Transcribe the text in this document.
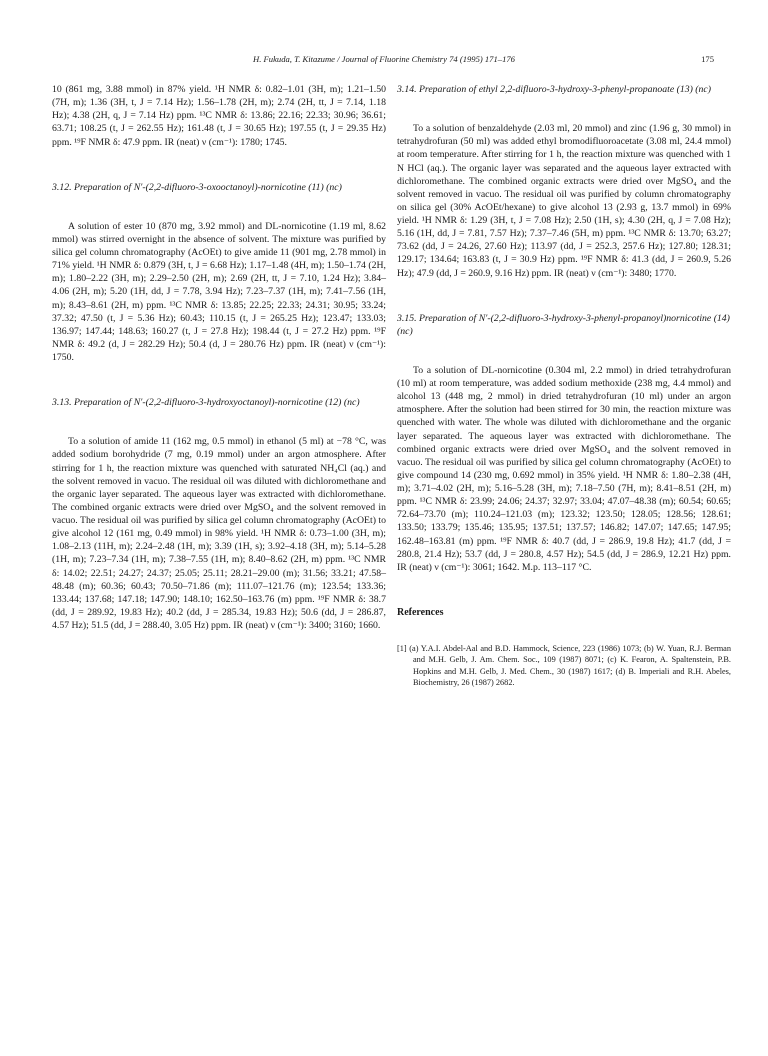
H. Fukuda, T. Kitazume / Journal of Fluorine Chemistry 74 (1995) 171–176	175

10 (861 mg, 3.88 mmol) in 87% yield. ¹H NMR δ: 0.82–1.01 (3H, m); 1.21–1.50 (7H, m); 1.36 (3H, t, J = 7.14 Hz); 1.56–1.78 (2H, m); 2.74 (2H, tt, J = 7.14, 1.18 Hz); 4.38 (2H, q, J = 7.14 Hz) ppm. ¹³C NMR δ: 13.86; 22.16; 22.33; 30.96; 36.61; 63.71; 108.25 (t, J = 262.55 Hz); 161.48 (t, J = 30.65 Hz); 197.55 (t, J = 29.35 Hz) ppm. ¹⁹F NMR δ: 47.9 ppm. IR (neat) ν (cm⁻¹): 1780; 1745.

3.12. Preparation of N′-(2,2-difluoro-3-oxooctanoyl)-nornicotine (11) (nc)

A solution of ester 10 (870 mg, 3.92 mmol) and DL-nornicotine (1.19 ml, 8.62 mmol) was stirred overnight in the absence of solvent. The mixture was purified by silica gel column chromatography (AcOEt) to give amide 11 (901 mg, 2.78 mmol) in 71% yield. ¹H NMR δ: 0.879 (3H, t, J = 6.68 Hz); 1.17–1.48 (4H, m); 1.50–1.74 (2H, m); 1.80–2.22 (3H, m); 2.29–2.50 (2H, m); 2.69 (2H, tt, J = 7.10, 1.24 Hz); 3.84–4.06 (2H, m); 5.20 (1H, dd, J = 7.78, 3.94 Hz); 7.23–7.37 (1H, m); 7.41–7.56 (1H, m); 8.43–8.61 (2H, m) ppm. ¹³C NMR δ: 13.85; 22.25; 22.33; 24.31; 30.95; 33.24; 37.32; 47.50 (t, J = 5.36 Hz); 60.43; 110.15 (t, J = 265.25 Hz); 123.47; 133.03; 136.97; 147.44; 148.63; 160.27 (t, J = 27.8 Hz); 198.44 (t, J = 27.2 Hz) ppm. ¹⁹F NMR δ: 49.2 (d, J = 282.29 Hz); 50.4 (d, J = 280.76 Hz) ppm. IR (neat) ν (cm⁻¹): 1750.

3.13. Preparation of N′-(2,2-difluoro-3-hydroxyoctanoyl)-nornicotine (12) (nc)

To a solution of amide 11 (162 mg, 0.5 mmol) in ethanol (5 ml) at −78 °C, was added sodium borohydride (7 mg, 0.19 mmol) under an argon atmosphere. After stirring for 1 h, the reaction mixture was quenched with saturated NH₄Cl (aq.) and the solvent removed in vacuo. The residual oil was diluted with dichloromethane and the organic layer separated. The aqueous layer was extracted with dichloromethane. The combined organic extracts were dried over MgSO₄ and the solvent removed in vacuo. The residual oil was purified by silica gel column chromatography (AcOEt) to give alcohol 12 (161 mg, 0.49 mmol) in 98% yield. ¹H NMR δ: 0.73–1.00 (3H, m); 1.08–2.13 (11H, m); 2.24–2.48 (1H, m); 3.39 (1H, s); 3.92–4.18 (3H, m); 5.14–5.28 (1H, m); 7.23–7.34 (1H, m); 7.38–7.55 (1H, m); 8.40–8.62 (2H, m) ppm. ¹³C NMR δ: 14.02; 22.51; 24.27; 24.37; 25.05; 25.11; 28.21–29.00 (m); 31.56; 33.21; 47.58–48.48 (m); 60.36; 60.43; 70.50–71.86 (m); 111.07–121.76 (m); 123.54; 133.36; 133.44; 137.68; 147.18; 147.90; 148.10; 162.50–163.76 (m) ppm. ¹⁹F NMR δ: 38.7 (dd, J = 289.92, 19.83 Hz); 40.2 (dd, J = 285.34, 19.83 Hz); 50.6 (dd, J = 286.87, 4.57 Hz); 51.5 (dd, J = 288.40, 3.05 Hz) ppm. IR (neat) ν (cm⁻¹): 3400; 3160; 1660.

3.14. Preparation of ethyl 2,2-difluoro-3-hydroxy-3-phenyl-propanoate (13) (nc)

To a solution of benzaldehyde (2.03 ml, 20 mmol) and zinc (1.96 g, 30 mmol) in tetrahydrofuran (50 ml) was added ethyl bromodifluoroacetate (3.08 ml, 24.4 mmol) at room temperature. After stirring for 1 h, the reaction mixture was quenched with 1 N HCl (aq.). The organic layer was separated and the aqueous layer extracted with dichloromethane. The combined organic extracts were dried over MgSO₄ and the solvent removed in vacuo. The residual oil was purified by column chromatography on silica gel (30% AcOEt/hexane) to give alcohol 13 (2.93 g, 13.7 mmol) in 69% yield. ¹H NMR δ: 1.29 (3H, t, J = 7.08 Hz); 2.50 (1H, s); 4.30 (2H, q, J = 7.08 Hz); 5.16 (1H, dd, J = 7.81, 7.57 Hz); 7.37–7.46 (5H, m) ppm. ¹³C NMR δ: 13.70; 63.27; 73.62 (dd, J = 24.26, 27.60 Hz); 113.97 (dd, J = 252.3, 257.6 Hz); 127.80; 128.31; 129.17; 134.64; 163.83 (t, J = 30.9 Hz) ppm. ¹⁹F NMR δ: 41.3 (dd, J = 260.9, 5.26 Hz); 47.9 (dd, J = 260.9, 9.16 Hz) ppm. IR (neat) ν (cm⁻¹): 3480; 1770.

3.15. Preparation of N′-(2,2-difluoro-3-hydroxy-3-phenyl-propanoyl)nornicotine (14) (nc)

To a solution of DL-nornicotine (0.304 ml, 2.2 mmol) in dried tetrahydrofuran (10 ml) at room temperature, was added sodium methoxide (238 mg, 4.4 mmol) and alcohol 13 (448 mg, 2 mmol) in dried tetrahydrofuran (10 ml) under an argon atmosphere. After the solution had been stirred for 30 min, the reaction mixture was quenched with water. The whole was diluted with dichloromethane and the organic layer separated. The aqueous layer was extracted with dichloromethane. The combined organic extracts were dried over MgSO₄ and the solvent removed in vacuo. The residual oil was purified by silica gel column chromatography (AcOEt) to give compound 14 (230 mg, 0.692 mmol) in 35% yield. ¹H NMR δ: 1.80–2.38 (4H, m); 3.71–4.02 (2H, m); 5.16–5.28 (3H, m); 7.18–7.50 (7H, m); 8.41–8.51 (2H, m) ppm. ¹³C NMR δ: 23.99; 24.06; 24.37; 32.97; 33.04; 47.07–48.38 (m); 60.54; 60.65; 72.64–73.70 (m); 110.24–121.03 (m); 123.32; 123.50; 128.05; 128.56; 128.61; 133.50; 133.79; 135.46; 135.95; 137.51; 137.57; 146.82; 147.07; 147.65; 147.95; 162.48–163.81 (m) ppm. ¹⁹F NMR δ: 40.7 (dd, J = 286.9, 19.8 Hz); 41.7 (dd, J = 280.8, 21.4 Hz); 53.7 (dd, J = 280.8, 4.57 Hz); 54.5 (dd, J = 286.9, 12.21 Hz) ppm. IR (neat) ν (cm⁻¹): 3061; 1642. M.p. 113–117 °C.

References

[1] (a) Y.A.I. Abdel-Aal and B.D. Hammock, Science, 223 (1986) 1073; (b) W. Yuan, R.J. Berman and M.H. Gelb, J. Am. Chem. Soc., 109 (1987) 8071; (c) K. Fearon, A. Spaltenstein, P.B. Hopkins and M.H. Gelb, J. Med. Chem., 30 (1987) 1617; (d) B. Imperiali and R.H. Abeles, Biochemistry, 26 (1987) 2682.
